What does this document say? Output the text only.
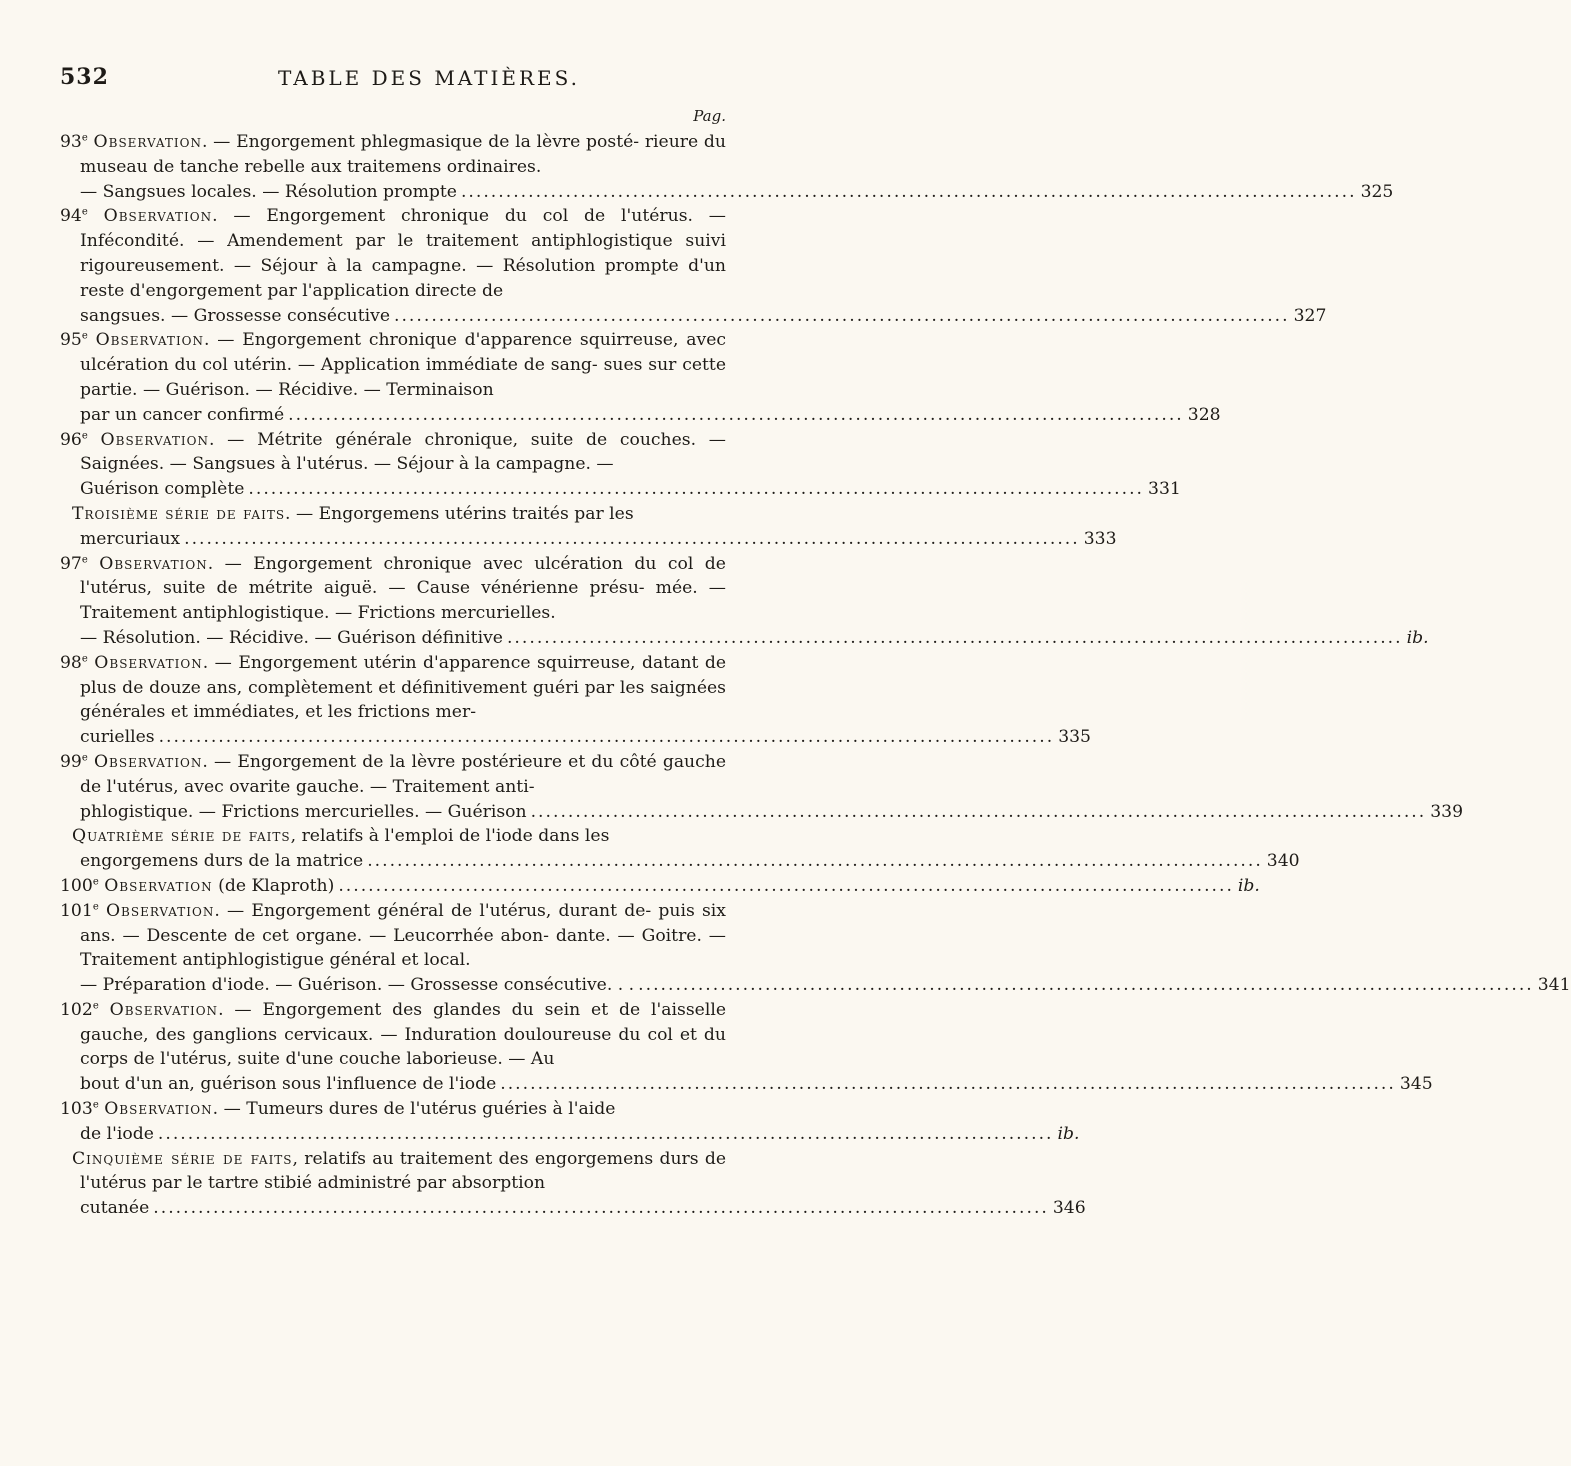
532	TABLE DES MATIÈRES.
Pag.
93e Observation. — Engorgement phlegmasique de la lèvre posté- rieure du museau de tanche rebelle aux traitemens ordinaires.
— Sangsues locales. — Résolution prompte ........................................................................................................................ 325
94e Observation. — Engorgement chronique du col de l'utérus. — Infécondité. — Amendement par le traitement antiphlogistique suivi rigoureusement. — Séjour à la campagne. — Résolution prompte d'un reste d'engorgement par l'application directe de
sangsues. — Grossesse consécutive ........................................................................................................................ 327
95e Observation. — Engorgement chronique d'apparence squirreuse, avec ulcération du col utérin. — Application immédiate de sang- sues sur cette partie. — Guérison. — Récidive. — Terminaison
par un cancer confirmé ........................................................................................................................ 328
96e Observation. — Métrite générale chronique, suite de couches. — Saignées. — Sangsues à l'utérus. — Séjour à la campagne. —
Guérison complète ........................................................................................................................ 331
Troisième série de faits. — Engorgemens utérins traités par les
mercuriaux ........................................................................................................................ 333
97e Observation. — Engorgement chronique avec ulcération du col de l'utérus, suite de métrite aiguë. — Cause vénérienne présu- mée. — Traitement antiphlogistique. — Frictions mercurielles.
— Résolution. — Récidive. — Guérison définitive ........................................................................................................................ ib.
98e Observation. — Engorgement utérin d'apparence squirreuse, datant de plus de douze ans, complètement et définitivement guéri par les saignées générales et immédiates, et les frictions mer-
curielles ........................................................................................................................ 335
99e Observation. — Engorgement de la lèvre postérieure et du côté gauche de l'utérus, avec ovarite gauche. — Traitement anti-
phlogistique. — Frictions mercurielles. — Guérison ........................................................................................................................ 339
Quatrième série de faits, relatifs à l'emploi de l'iode dans les
engorgemens durs de la matrice ........................................................................................................................ 340
100e Observation (de Klaproth) ........................................................................................................................ ib.
101e Observation. — Engorgement général de l'utérus, durant de- puis six ans. — Descente de cet organe. — Leucorrhée abon- dante. — Goitre. — Traitement antiphlogistigue général et local.
— Préparation d'iode. — Guérison. — Grossesse consécutive. . . ........................................................................................................................ 341
102e Observation. — Engorgement des glandes du sein et de l'aisselle gauche, des ganglions cervicaux. — Induration douloureuse du col et du corps de l'utérus, suite d'une couche laborieuse. — Au
bout d'un an, guérison sous l'influence de l'iode ........................................................................................................................ 345
103e Observation. — Tumeurs dures de l'utérus guéries à l'aide
de l'iode ........................................................................................................................ ib.
Cinquième série de faits, relatifs au traitement des engorgemens durs de l'utérus par le tartre stibié administré par absorption
cutanée ........................................................................................................................ 346
